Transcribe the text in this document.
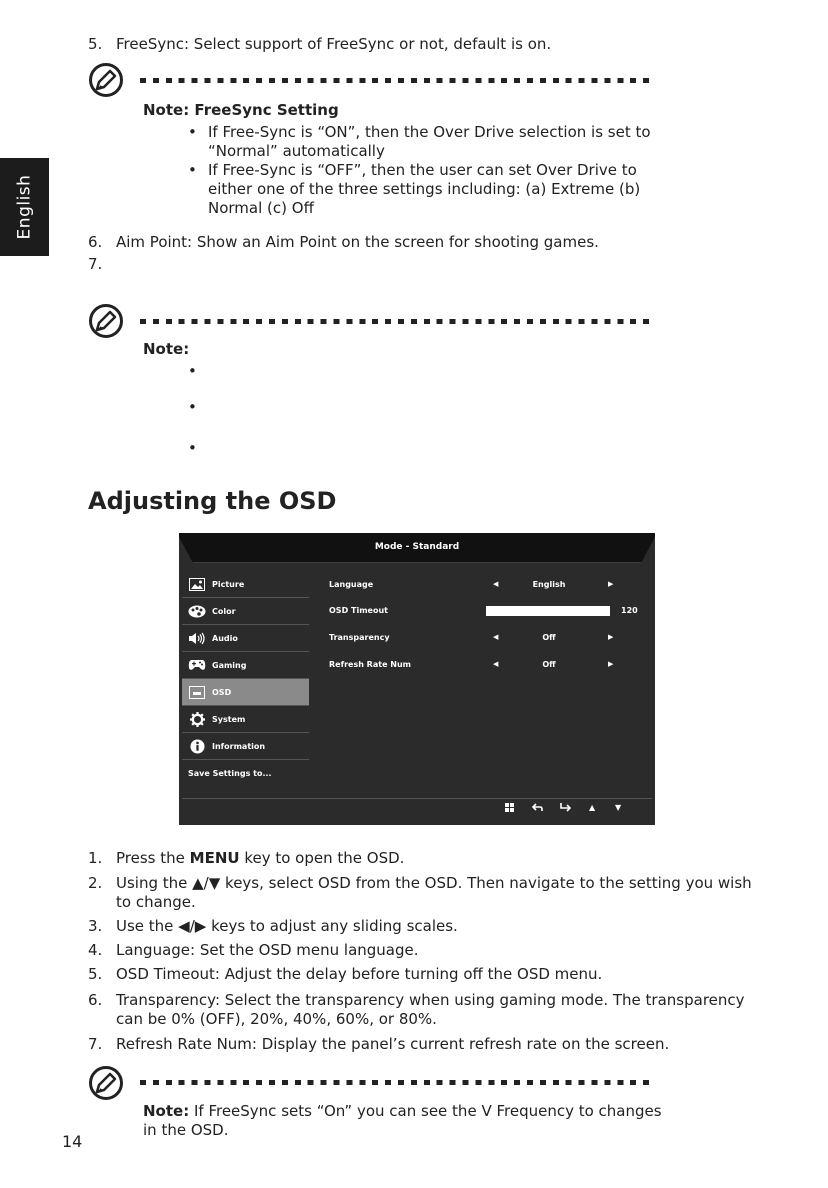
English
5. FreeSync: Select support of FreeSync or not, default is on.
Note: FreeSync Setting
• If Free-Sync is “ON”, then the Over Drive selection is set to
“Normal” automatically
• If Free-Sync is “OFF”, then the user can set Over Drive to
either one of the three settings including: (a) Extreme (b)
Normal (c) Off
6. Aim Point: Show an Aim Point on the screen for shooting games.
7.
Note:
•
•
•
Adjusting the OSD
Mode - Standard
Picture
Color
Audio
Gaming
OSD
System
Information
Save Settings to...
Language	◀	English	▶
OSD Timeout	120
Transparency	◀	Off	▶
Refresh Rate Num	◀	Off	▶
▲ ▼
1. Press the MENU key to open the OSD.
2. Using the ▲/▼ keys, select OSD from the OSD. Then navigate to the setting you wish
to change.
3. Use the ◀/▶ keys to adjust any sliding scales.
4. Language: Set the OSD menu language.
5. OSD Timeout: Adjust the delay before turning off the OSD menu.
6. Transparency: Select the transparency when using gaming mode. The transparency
can be 0% (OFF), 20%, 40%, 60%, or 80%.
7. Refresh Rate Num: Display the panel’s current refresh rate on the screen.
Note: If FreeSync sets “On” you can see the V Frequency to changes
in the OSD.
14
